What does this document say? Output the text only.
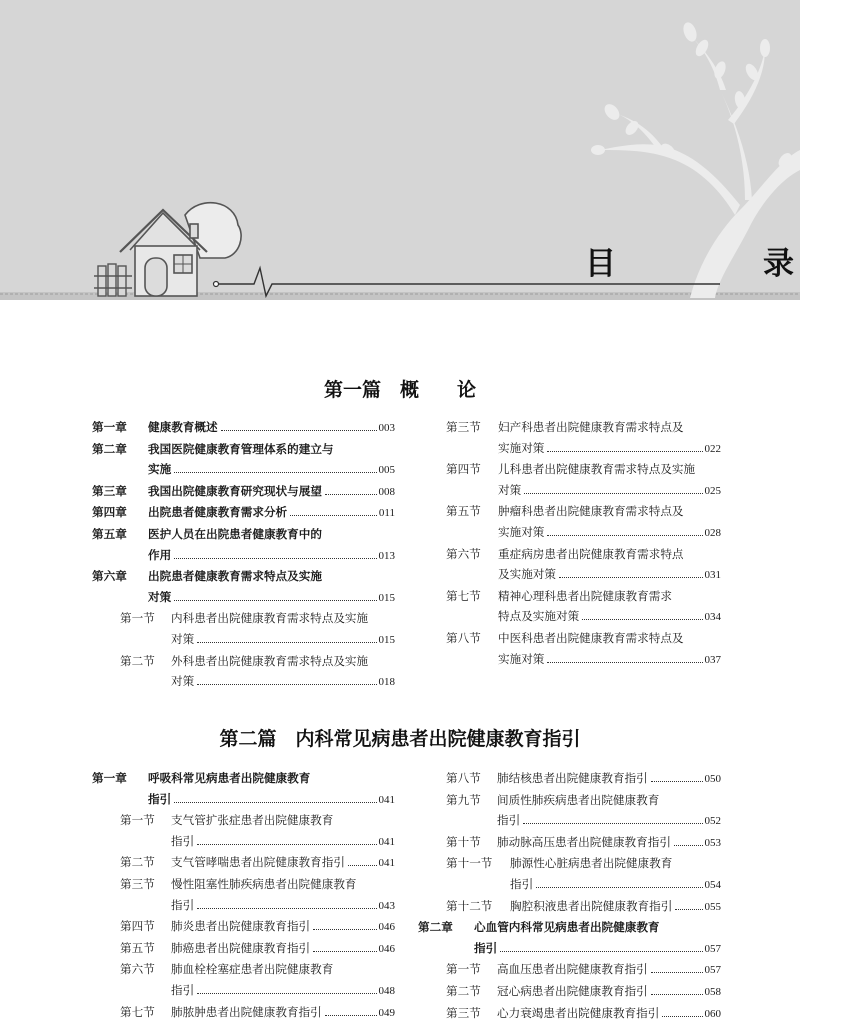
目　录
第一篇　概　　论
第一章 健康教育概述	003
第二章 我国医院健康教育管理体系的建立与
实施	005
第三章 我国出院健康教育研究现状与展望	008
第四章 出院患者健康教育需求分析	011
第五章 医护人员在出院患者健康教育中的
作用	013
第六章 出院患者健康教育需求特点及实施
对策	015
第一节 内科患者出院健康教育需求特点及实施
对策	015
第二节 外科患者出院健康教育需求特点及实施
对策	018
第三节 妇产科患者出院健康教育需求特点及
实施对策	022
第四节 儿科患者出院健康教育需求特点及实施
对策	025
第五节 肿瘤科患者出院健康教育需求特点及
实施对策	028
第六节 重症病房患者出院健康教育需求特点
及实施对策	031
第七节 精神心理科患者出院健康教育需求
特点及实施对策	034
第八节 中医科患者出院健康教育需求特点及
实施对策	037
第二篇　内科常见病患者出院健康教育指引
第一章 呼吸科常见病患者出院健康教育
指引	041
第一节 支气管扩张症患者出院健康教育
指引	041
第二节 支气管哮喘患者出院健康教育指引	041
第三节 慢性阻塞性肺疾病患者出院健康教育
指引	043
第四节 肺炎患者出院健康教育指引	046
第五节 肺癌患者出院健康教育指引	046
第六节 肺血栓栓塞症患者出院健康教育
指引	048
第七节 肺脓肿患者出院健康教育指引	049
第八节 肺结核患者出院健康教育指引	050
第九节 间质性肺疾病患者出院健康教育
指引	052
第十节 肺动脉高压患者出院健康教育指引	053
第十一节 肺源性心脏病患者出院健康教育
指引	054
第十二节 胸腔积液患者出院健康教育指引	055
第二章 心血管内科常见病患者出院健康教育
指引	057
第一节 高血压患者出院健康教育指引	057
第二节 冠心病患者出院健康教育指引	058
第三节 心力衰竭患者出院健康教育指引	060
